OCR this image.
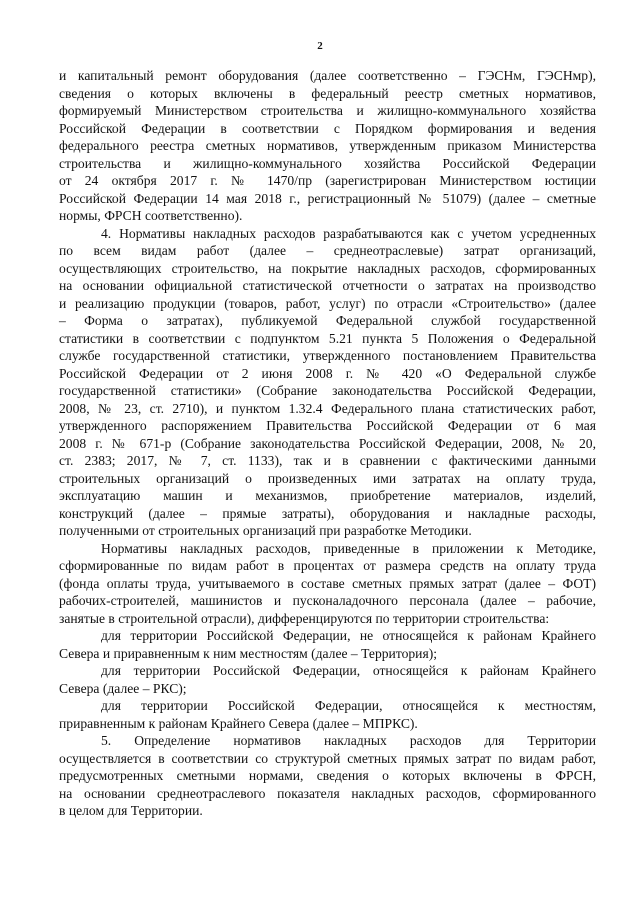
2
и капитальный ремонт оборудования (далее соответственно – ГЭСНм, ГЭСНмр),
сведения о которых включены в федеральный реестр сметных нормативов,
формируемый Министерством строительства и жилищно-коммунального хозяйства
Российской Федерации в соответствии с Порядком формирования и ведения
федерального реестра сметных нормативов, утвержденным приказом Министерства
строительства и жилищно-коммунального хозяйства Российской Федерации
от 24 октября 2017 г. № 1470/пр (зарегистрирован Министерством юстиции
Российской Федерации 14 мая 2018 г., регистрационный № 51079) (далее – сметные
нормы, ФРСН соответственно).
4. Нормативы накладных расходов разрабатываются как с учетом усредненных
по всем видам работ (далее – среднеотраслевые) затрат организаций,
осуществляющих строительство, на покрытие накладных расходов, сформированных
на основании официальной статистической отчетности о затратах на производство
и реализацию продукции (товаров, работ, услуг) по отрасли «Строительство» (далее
– Форма о затратах), публикуемой Федеральной службой государственной
статистики в соответствии с подпунктом 5.21 пункта 5 Положения о Федеральной
службе государственной статистики, утвержденного постановлением Правительства
Российской Федерации от 2 июня 2008 г. № 420 «О Федеральной службе
государственной статистики» (Собрание законодательства Российской Федерации,
2008, № 23, ст. 2710), и пунктом 1.32.4 Федерального плана статистических работ,
утвержденного распоряжением Правительства Российской Федерации от 6 мая
2008 г. № 671-р (Собрание законодательства Российской Федерации, 2008, № 20,
ст. 2383; 2017, № 7, ст. 1133), так и в сравнении с фактическими данными
строительных организаций о произведенных ими затратах на оплату труда,
эксплуатацию машин и механизмов, приобретение материалов, изделий,
конструкций (далее – прямые затраты), оборудования и накладные расходы,
полученными от строительных организаций при разработке Методики.
Нормативы накладных расходов, приведенные в приложении к Методике,
сформированные по видам работ в процентах от размера средств на оплату труда
(фонда оплаты труда, учитываемого в составе сметных прямых затрат (далее – ФОТ)
рабочих-строителей, машинистов и пусконаладочного персонала (далее – рабочие,
занятые в строительной отрасли), дифференцируются по территории строительства:
для территории Российской Федерации, не относящейся к районам Крайнего
Севера и приравненным к ним местностям (далее – Территория);
для территории Российской Федерации, относящейся к районам Крайнего
Севера (далее – РКС);
для территории Российской Федерации, относящейся к местностям,
приравненным к районам Крайнего Севера (далее – МПРКС).
5. Определение нормативов накладных расходов для Территории
осуществляется в соответствии со структурой сметных прямых затрат по видам работ,
предусмотренных сметными нормами, сведения о которых включены в ФРСН,
на основании среднеотраслевого показателя накладных расходов, сформированного
в целом для Территории.
